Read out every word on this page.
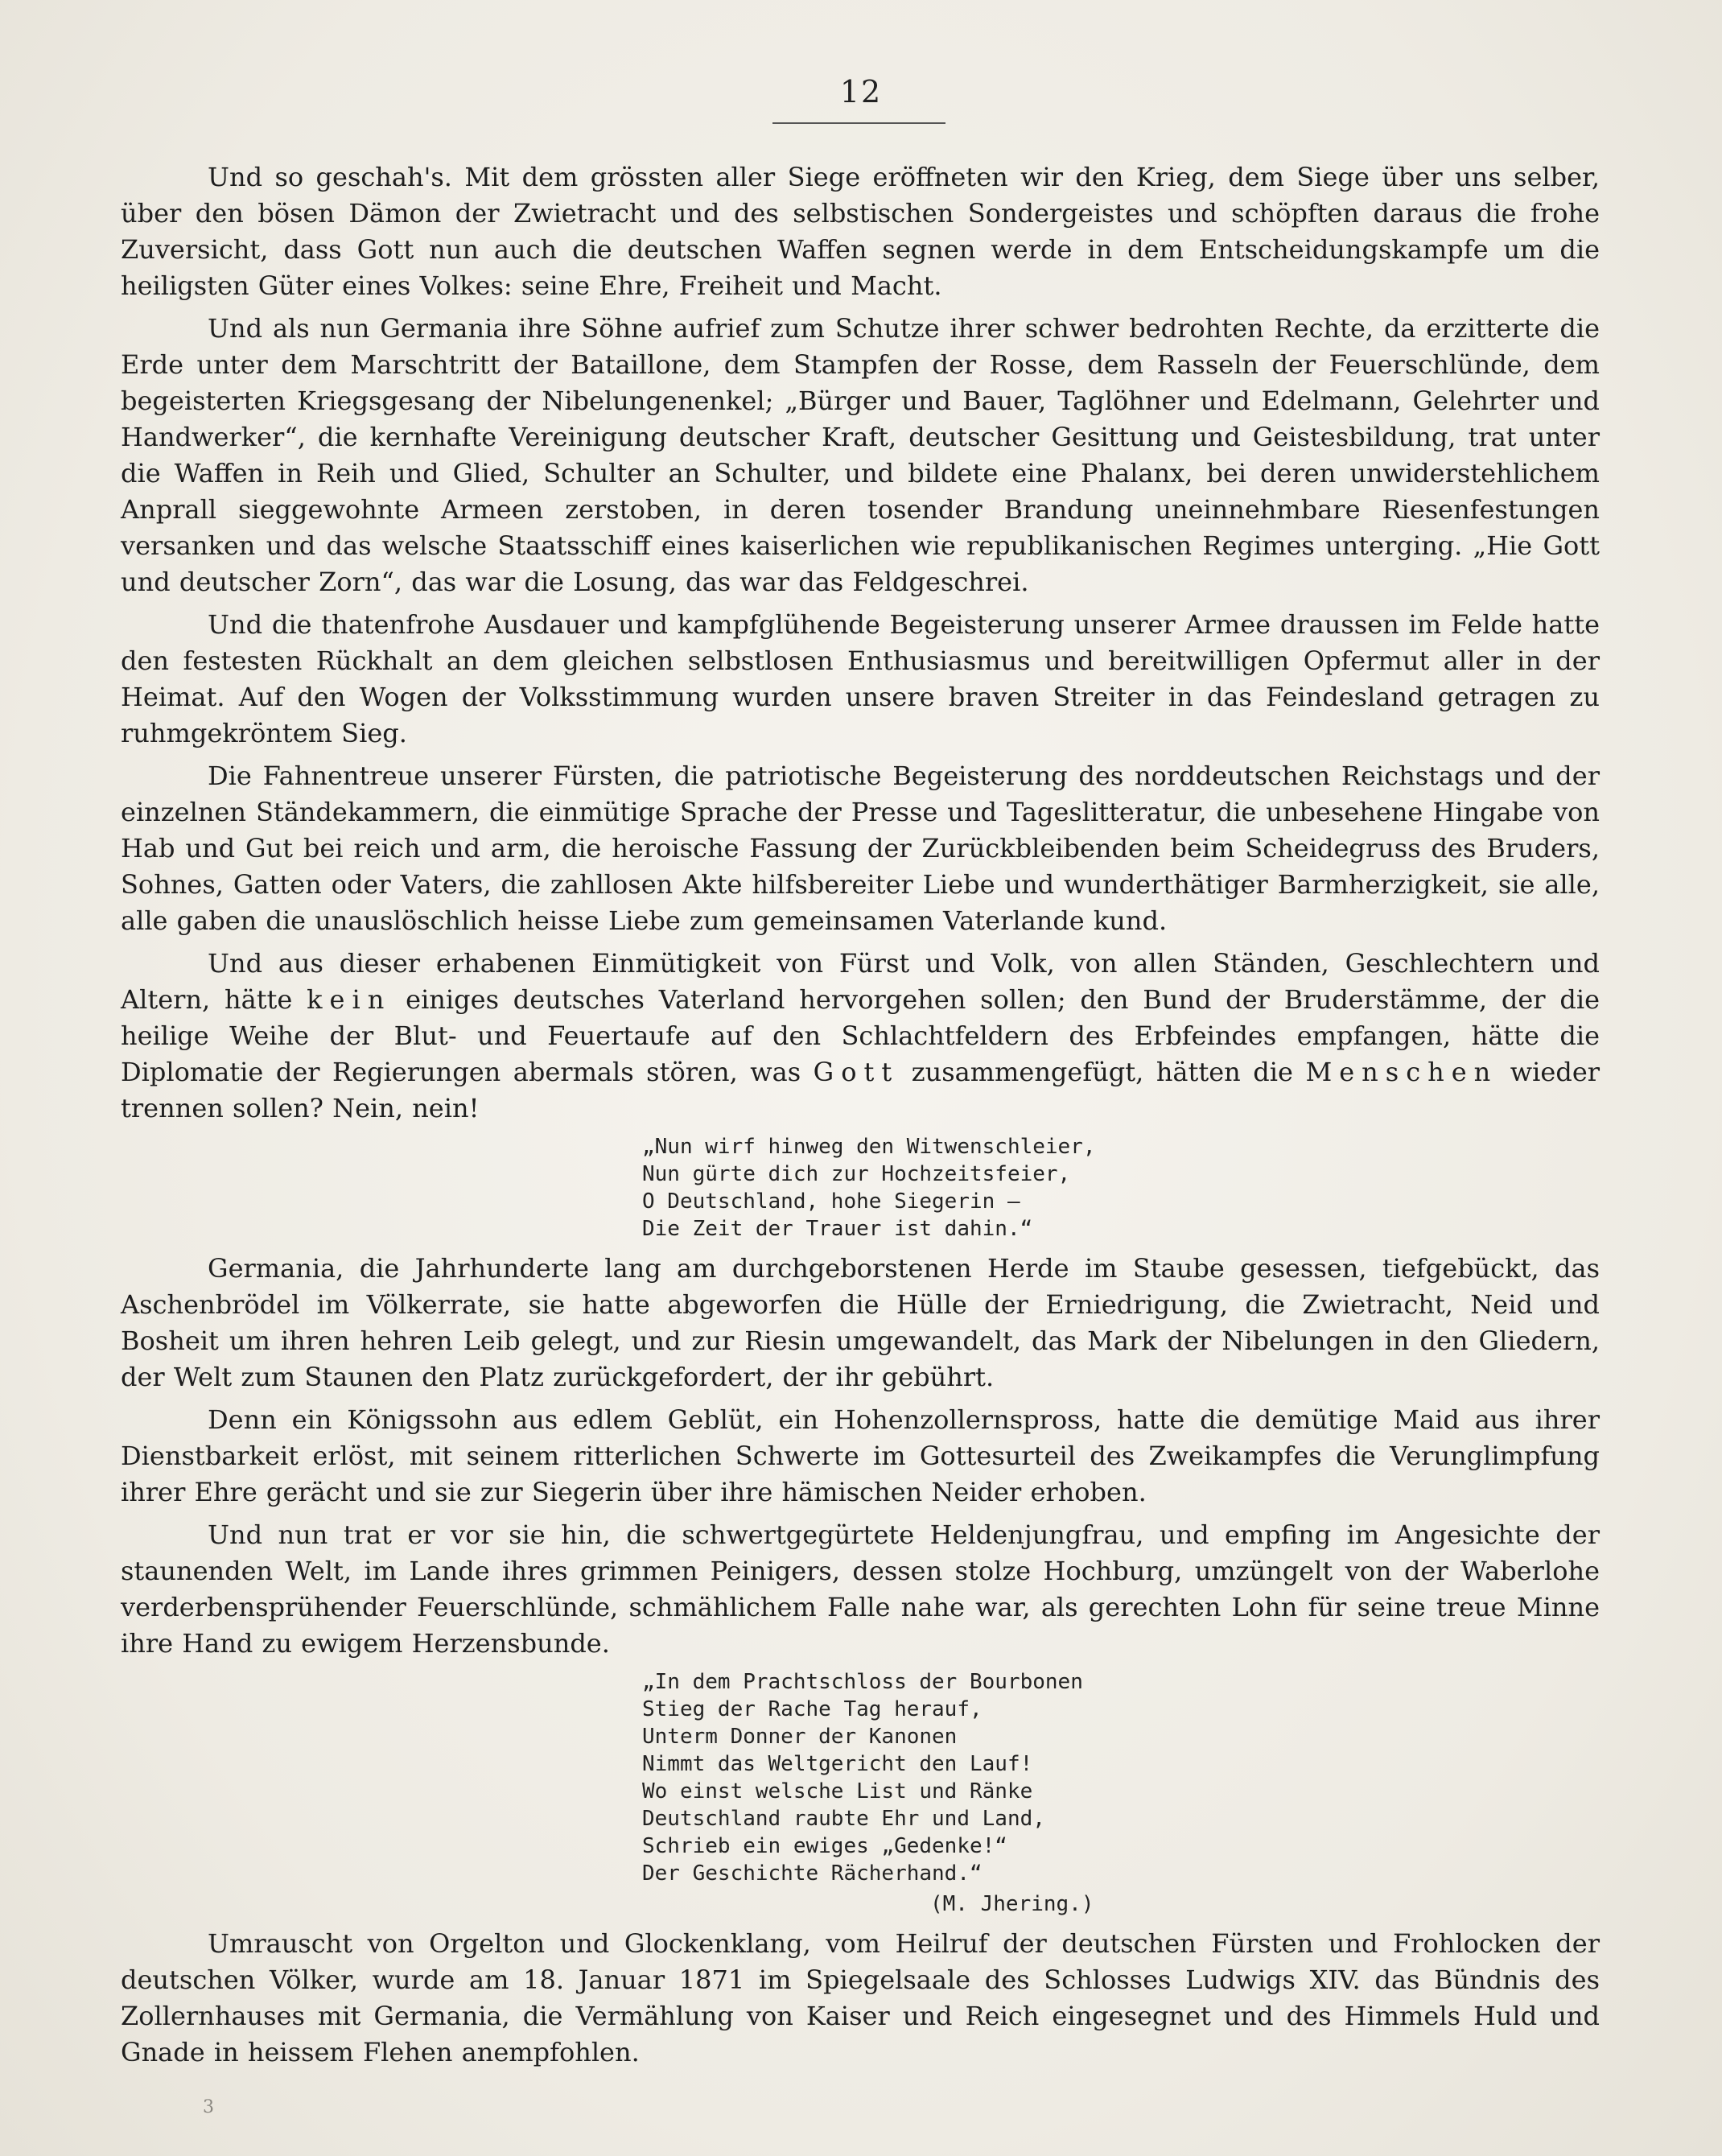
12

Und so geschah's. Mit dem grössten aller Siege eröffneten wir den Krieg, dem Siege über uns selber, über den bösen Dämon der Zwietracht und des selbstischen Sondergeistes und schöpften daraus die frohe Zuversicht, dass Gott nun auch die deutschen Waffen segnen werde in dem Entscheidungskampfe um die heiligsten Güter eines Volkes: seine Ehre, Freiheit und Macht.

Und als nun Germania ihre Söhne aufrief zum Schutze ihrer schwer bedrohten Rechte, da erzitterte die Erde unter dem Marschtritt der Bataillone, dem Stampfen der Rosse, dem Rasseln der Feuerschlünde, dem begeisterten Kriegsgesang der Nibelungenenkel; „Bürger und Bauer, Taglöhner und Edelmann, Gelehrter und Handwerker“, die kernhafte Vereinigung deutscher Kraft, deutscher Gesittung und Geistesbildung, trat unter die Waffen in Reih und Glied, Schulter an Schulter, und bildete eine Phalanx, bei deren unwiderstehlichem Anprall sieggewohnte Armeen zerstoben, in deren tosender Brandung uneinnehmbare Riesenfestungen versanken und das welsche Staatsschiff eines kaiserlichen wie republikanischen Regimes unterging. „Hie Gott und deutscher Zorn“, das war die Losung, das war das Feldgeschrei.

Und die thatenfrohe Ausdauer und kampfglühende Begeisterung unserer Armee draussen im Felde hatte den festesten Rückhalt an dem gleichen selbstlosen Enthusiasmus und bereitwilligen Opfermut aller in der Heimat. Auf den Wogen der Volksstimmung wurden unsere braven Streiter in das Feindesland getragen zu ruhmgekröntem Sieg.

Die Fahnentreue unserer Fürsten, die patriotische Begeisterung des norddeutschen Reichstags und der einzelnen Ständekammern, die einmütige Sprache der Presse und Tageslitteratur, die unbesehene Hingabe von Hab und Gut bei reich und arm, die heroische Fassung der Zurückbleibenden beim Scheidegruss des Bruders, Sohnes, Gatten oder Vaters, die zahllosen Akte hilfsbereiter Liebe und wunderthätiger Barmherzigkeit, sie alle, alle gaben die unauslöschlich heisse Liebe zum gemeinsamen Vaterlande kund.

Und aus dieser erhabenen Einmütigkeit von Fürst und Volk, von allen Ständen, Geschlechtern und Altern, hätte kein einiges deutsches Vaterland hervorgehen sollen; den Bund der Bruderstämme, der die heilige Weihe der Blut- und Feuertaufe auf den Schlachtfeldern des Erbfeindes empfangen, hätte die Diplomatie der Regierungen abermals stören, was Gott zusammengefügt, hätten die Menschen wieder trennen sollen? Nein, nein!

„Nun wirf hinweg den Witwenschleier,
Nun gürte dich zur Hochzeitsfeier,
O Deutschland, hohe Siegerin —
Die Zeit der Trauer ist dahin.“

Germania, die Jahrhunderte lang am durchgeborstenen Herde im Staube gesessen, tiefgebückt, das Aschenbrödel im Völkerrate, sie hatte abgeworfen die Hülle der Erniedrigung, die Zwietracht, Neid und Bosheit um ihren hehren Leib gelegt, und zur Riesin umgewandelt, das Mark der Nibelungen in den Gliedern, der Welt zum Staunen den Platz zurückgefordert, der ihr gebührt.

Denn ein Königssohn aus edlem Geblüt, ein Hohenzollernspross, hatte die demütige Maid aus ihrer Dienstbarkeit erlöst, mit seinem ritterlichen Schwerte im Gottesurteil des Zweikampfes die Verunglimpfung ihrer Ehre gerächt und sie zur Siegerin über ihre hämischen Neider erhoben.

Und nun trat er vor sie hin, die schwertgegürtete Heldenjungfrau, und empfing im Angesichte der staunenden Welt, im Lande ihres grimmen Peinigers, dessen stolze Hochburg, umzüngelt von der Waberlohe verderbensprühender Feuerschlünde, schmählichem Falle nahe war, als gerechten Lohn für seine treue Minne ihre Hand zu ewigem Herzensbunde.

„In dem Prachtschloss der Bourbonen
Stieg der Rache Tag herauf,
Unterm Donner der Kanonen
Nimmt das Weltgericht den Lauf!
Wo einst welsche List und Ränke
Deutschland raubte Ehr und Land,
Schrieb ein ewiges „Gedenke!“
Der Geschichte Rächerhand.“
(M. Jhering.)

Umrauscht von Orgelton und Glockenklang, vom Heilruf der deutschen Fürsten und Frohlocken der deutschen Völker, wurde am 18. Januar 1871 im Spiegelsaale des Schlosses Ludwigs XIV. das Bündnis des Zollernhauses mit Germania, die Vermählung von Kaiser und Reich eingesegnet und des Himmels Huld und Gnade in heissem Flehen anempfohlen.

3
